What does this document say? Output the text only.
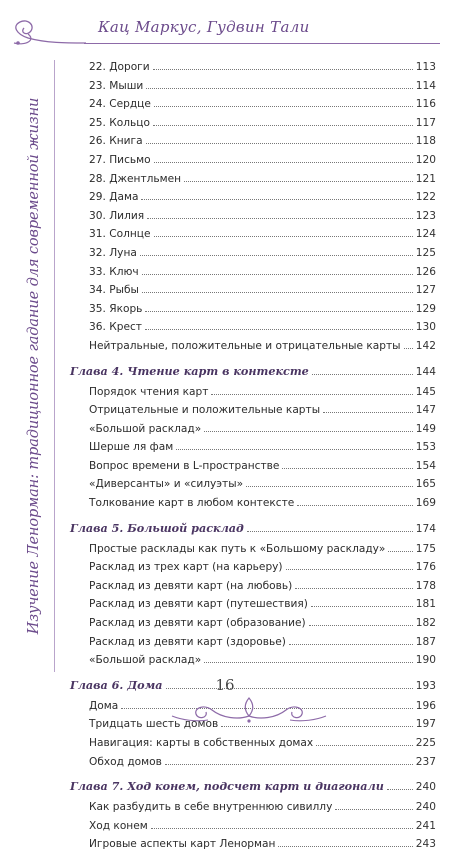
Кац Маркус, Гудвин Тали
Изучение Ленорман: традиционное гадание для современной жизни
22. Дороги	113
23. Мыши	114
24. Сердце	116
25. Кольцо	117
26. Книга	118
27. Письмо	120
28. Джентльмен	121
29. Дама	122
30. Лилия	123
31. Солнце	124
32. Луна	125
33. Ключ	126
34. Рыбы	127
35. Якорь	129
36. Крест	130
Нейтральные, положительные и отрицательные карты 142
Глава 4. Чтение карт в контексте	144
Порядок чтения карт	145
Отрицательные и положительные карты	147
«Большой расклад»	149
Шерше ля фам	153
Вопрос времени в L-пространстве	154
«Диверсанты» и «силуэты»	165
Толкование карт в любом контексте	169
Глава 5. Большой расклад	174
Простые расклады как путь к «Большому раскладу»	175
Расклад из трех карт (на карьеру)	176
Расклад из девяти карт (на любовь)	178
Расклад из девяти карт (путешествия)	181
Расклад из девяти карт (образование)	182
Расклад из девяти карт (здоровье)	187
«Большой расклад»	190
Глава 6. Дома	193
Дома	196
Тридцать шесть домов	197
Навигация: карты в собственных домах	225
Обход домов	237
Глава 7. Ход конем, подсчет карт и диагонали	240
Как разбудить в себе внутреннюю сивиллу	240
Ход конем	241
Игровые аспекты карт Ленорман	243
16
